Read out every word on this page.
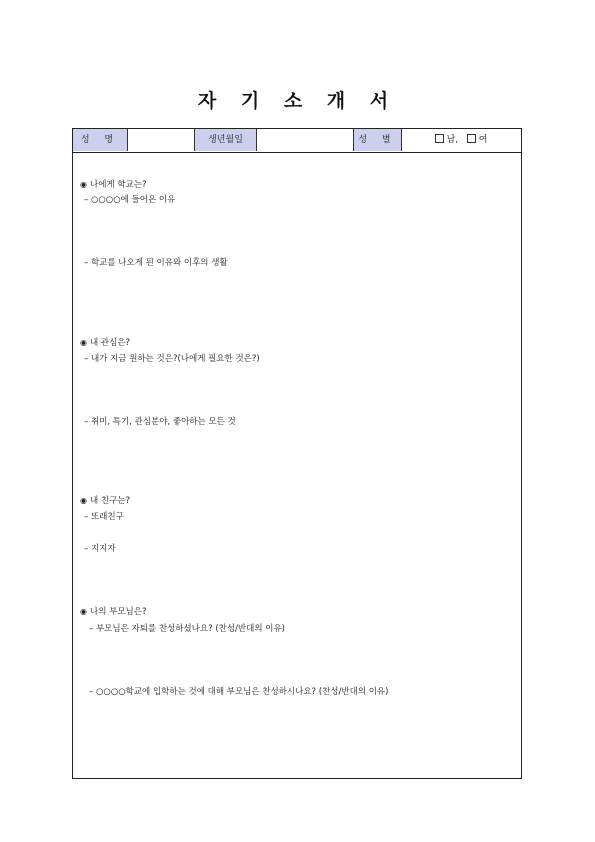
자 기 소 개 서
성 명	생년월일	성 별	남, 여
◉ 나에게 학교는?
– ○○○○에 들어온 이유
– 학교를 나오게 된 이유와 이후의 생활
◉ 내 관심은?
– 내가 지금 원하는 것은?(나에게 필요한 것은?)
– 취미, 특기, 관심분야, 좋아하는 모든 것
◉ 내 친구는?
– 또래친구
– 지지자
◉ 나의 부모님은?
– 부모님은 자퇴를 찬성하셨나요? (찬성/반대의 이유)
– ○○○○학교에 입학하는 것에 대해 부모님은 찬성하시나요? (찬성/반대의 이유)
